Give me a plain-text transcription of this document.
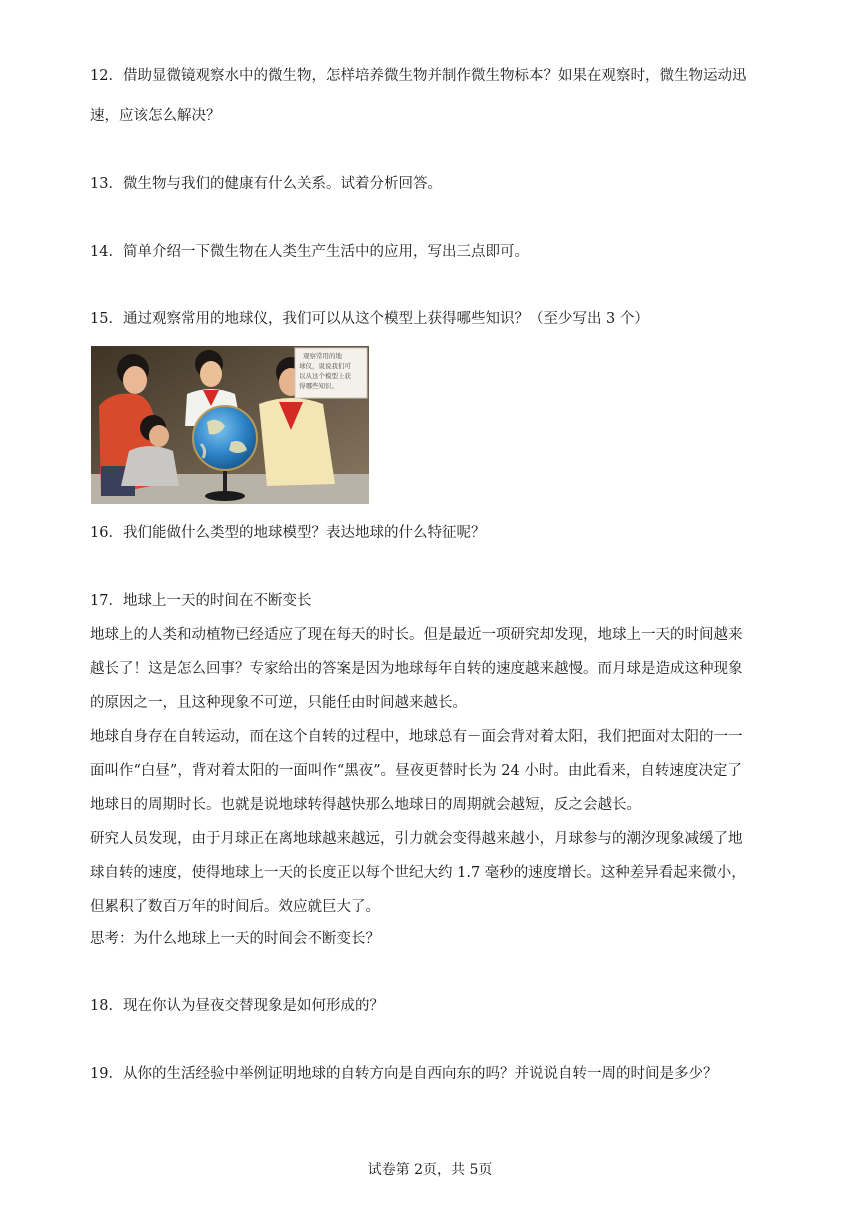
12．借助显微镜观察水中的微生物，怎样培养微生物并制作微生物标本？如果在观察时，微生物运动迅
速，应该怎么解决？
13．微生物与我们的健康有什么关系。试着分析回答。
14．简单介绍一下微生物在人类生产生活中的应用，写出三点即可。
15．通过观察常用的地球仪，我们可以从这个模型上获得哪些知识？（至少写出 3 个）
观察常用的地
球仪，说说我们可
以从这个模型上获
得哪些知识。
16．我们能做什么类型的地球模型？表达地球的什么特征呢？
17．地球上一天的时间在不断变长
地球上的人类和动植物已经适应了现在每天的时长。但是最近一项研究却发现，地球上一天的时间越来
越长了！这是怎么回事？专家给出的答案是因为地球每年自转的速度越来越慢。而月球是造成这种现象
的原因之一，且这种现象不可逆，只能任由时间越来越长。
地球自身存在自转运动，而在这个自转的过程中，地球总有－面会背对着太阳，我们把面对太阳的一一
面叫作“白昼”，背对着太阳的一面叫作“黑夜”。昼夜更替时长为 24 小时。由此看来，自转速度决定了
地球日的周期时长。也就是说地球转得越快那么地球日的周期就会越短，反之会越长。
研究人员发现，由于月球正在离地球越来越远，引力就会变得越来越小，月球参与的潮汐现象减缓了地
球自转的速度，使得地球上一天的长度正以每个世纪大约 1.7 毫秒的速度增长。这种差异看起来微小，
但累积了数百万年的时间后。效应就巨大了。
思考：为什么地球上一天的时间会不断变长？
18．现在你认为昼夜交替现象是如何形成的？
19．从你的生活经验中举例证明地球的自转方向是自西向东的吗？并说说自转一周的时间是多少？
试卷第 2页，共 5页
